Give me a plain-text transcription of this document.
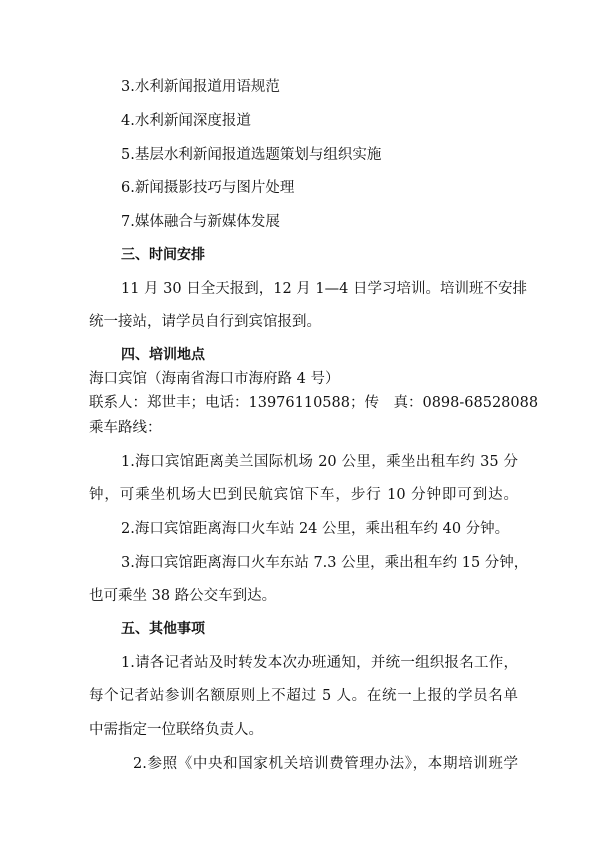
3.水利新闻报道用语规范
4.水利新闻深度报道
5.基层水利新闻报道选题策划与组织实施
6.新闻摄影技巧与图片处理
7.媒体融合与新媒体发展
三、时间安排
11 月 30 日全天报到，12 月 1—4 日学习培训。培训班不安排
统一接站，请学员自行到宾馆报到。
四、培训地点
海口宾馆（海南省海口市海府路 4 号）
联系人：郑世丰；电话：13976110588；传　真：0898-68528088
乘车路线：
1.海口宾馆距离美兰国际机场 20 公里，乘坐出租车约 35 分
钟，可乘坐机场大巴到民航宾馆下车，步行 10 分钟即可到达。
2.海口宾馆距离海口火车站 24 公里，乘出租车约 40 分钟。
3.海口宾馆距离海口火车东站 7.3 公里，乘出租车约 15 分钟，
也可乘坐 38 路公交车到达。
五、其他事项
1.请各记者站及时转发本次办班通知，并统一组织报名工作，
每个记者站参训名额原则上不超过 5 人。在统一上报的学员名单
中需指定一位联络负责人。
2.参照《中央和国家机关培训费管理办法》，本期培训班学
